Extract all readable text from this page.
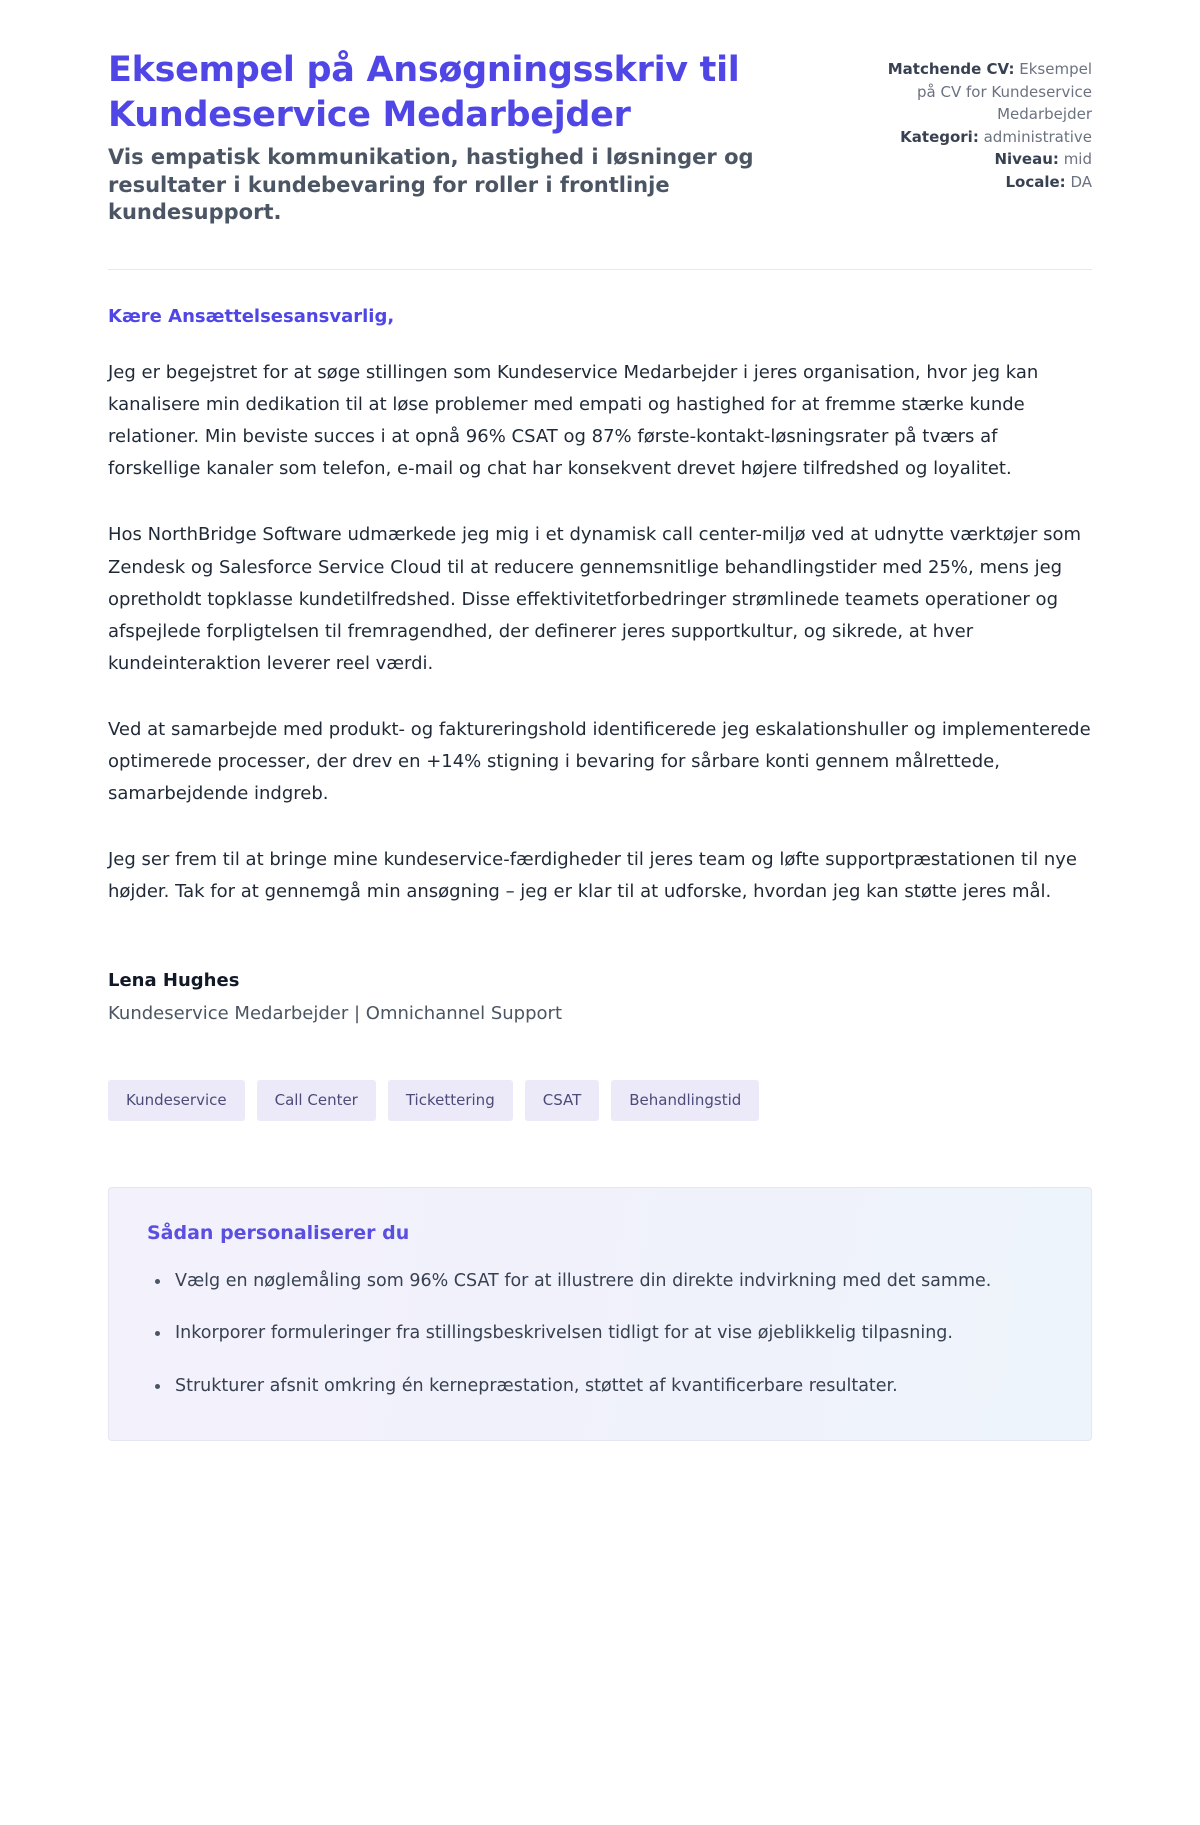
Eksempel på Ansøgningsskriv til Kundeservice Medarbejder

Vis empatisk kommunikation, hastighed i løsninger og resultater i kundebevaring for roller i frontlinje kundesupport.

Matchende CV: Eksempel på CV for Kundeservice Medarbejder
Kategori: administrative
Niveau: mid
Locale: DA

Kære Ansættelsesansvarlig,

Jeg er begejstret for at søge stillingen som Kundeservice Medarbejder i jeres organisation, hvor jeg kan kanalisere min dedikation til at løse problemer med empati og hastighed for at fremme stærke kunde relationer. Min beviste succes i at opnå 96% CSAT og 87% første-kontakt-løsningsrater på tværs af forskellige kanaler som telefon, e-mail og chat har konsekvent drevet højere tilfredshed og loyalitet.

Hos NorthBridge Software udmærkede jeg mig i et dynamisk call center-miljø ved at udnytte værktøjer som Zendesk og Salesforce Service Cloud til at reducere gennemsnitlige behandlingstider med 25%, mens jeg opretholdt topklasse kundetilfredshed. Disse effektivitetforbedringer strømlinede teamets operationer og afspejlede forpligtelsen til fremragendhed, der definerer jeres supportkultur, og sikrede, at hver kundeinteraktion leverer reel værdi.

Ved at samarbejde med produkt- og faktureringshold identificerede jeg eskalationshuller og implementerede optimerede processer, der drev en +14% stigning i bevaring for sårbare konti gennem målrettede, samarbejdende indgreb.

Jeg ser frem til at bringe mine kundeservice-færdigheder til jeres team og løfte supportpræstationen til nye højder. Tak for at gennemgå min ansøgning – jeg er klar til at udforske, hvordan jeg kan støtte jeres mål.

Lena Hughes

Kundeservice Medarbejder | Omnichannel Support

Kundeservice	Call Center	Tickettering	CSAT	Behandlingstid
Sådan personaliserer du
Vælg en nøglemåling som 96% CSAT for at illustrere din direkte indvirkning med det samme.
Inkorporer formuleringer fra stillingsbeskrivelsen tidligt for at vise øjeblikkelig tilpasning.
Strukturer afsnit omkring én kernepræstation, støttet af kvantificerbare resultater.
